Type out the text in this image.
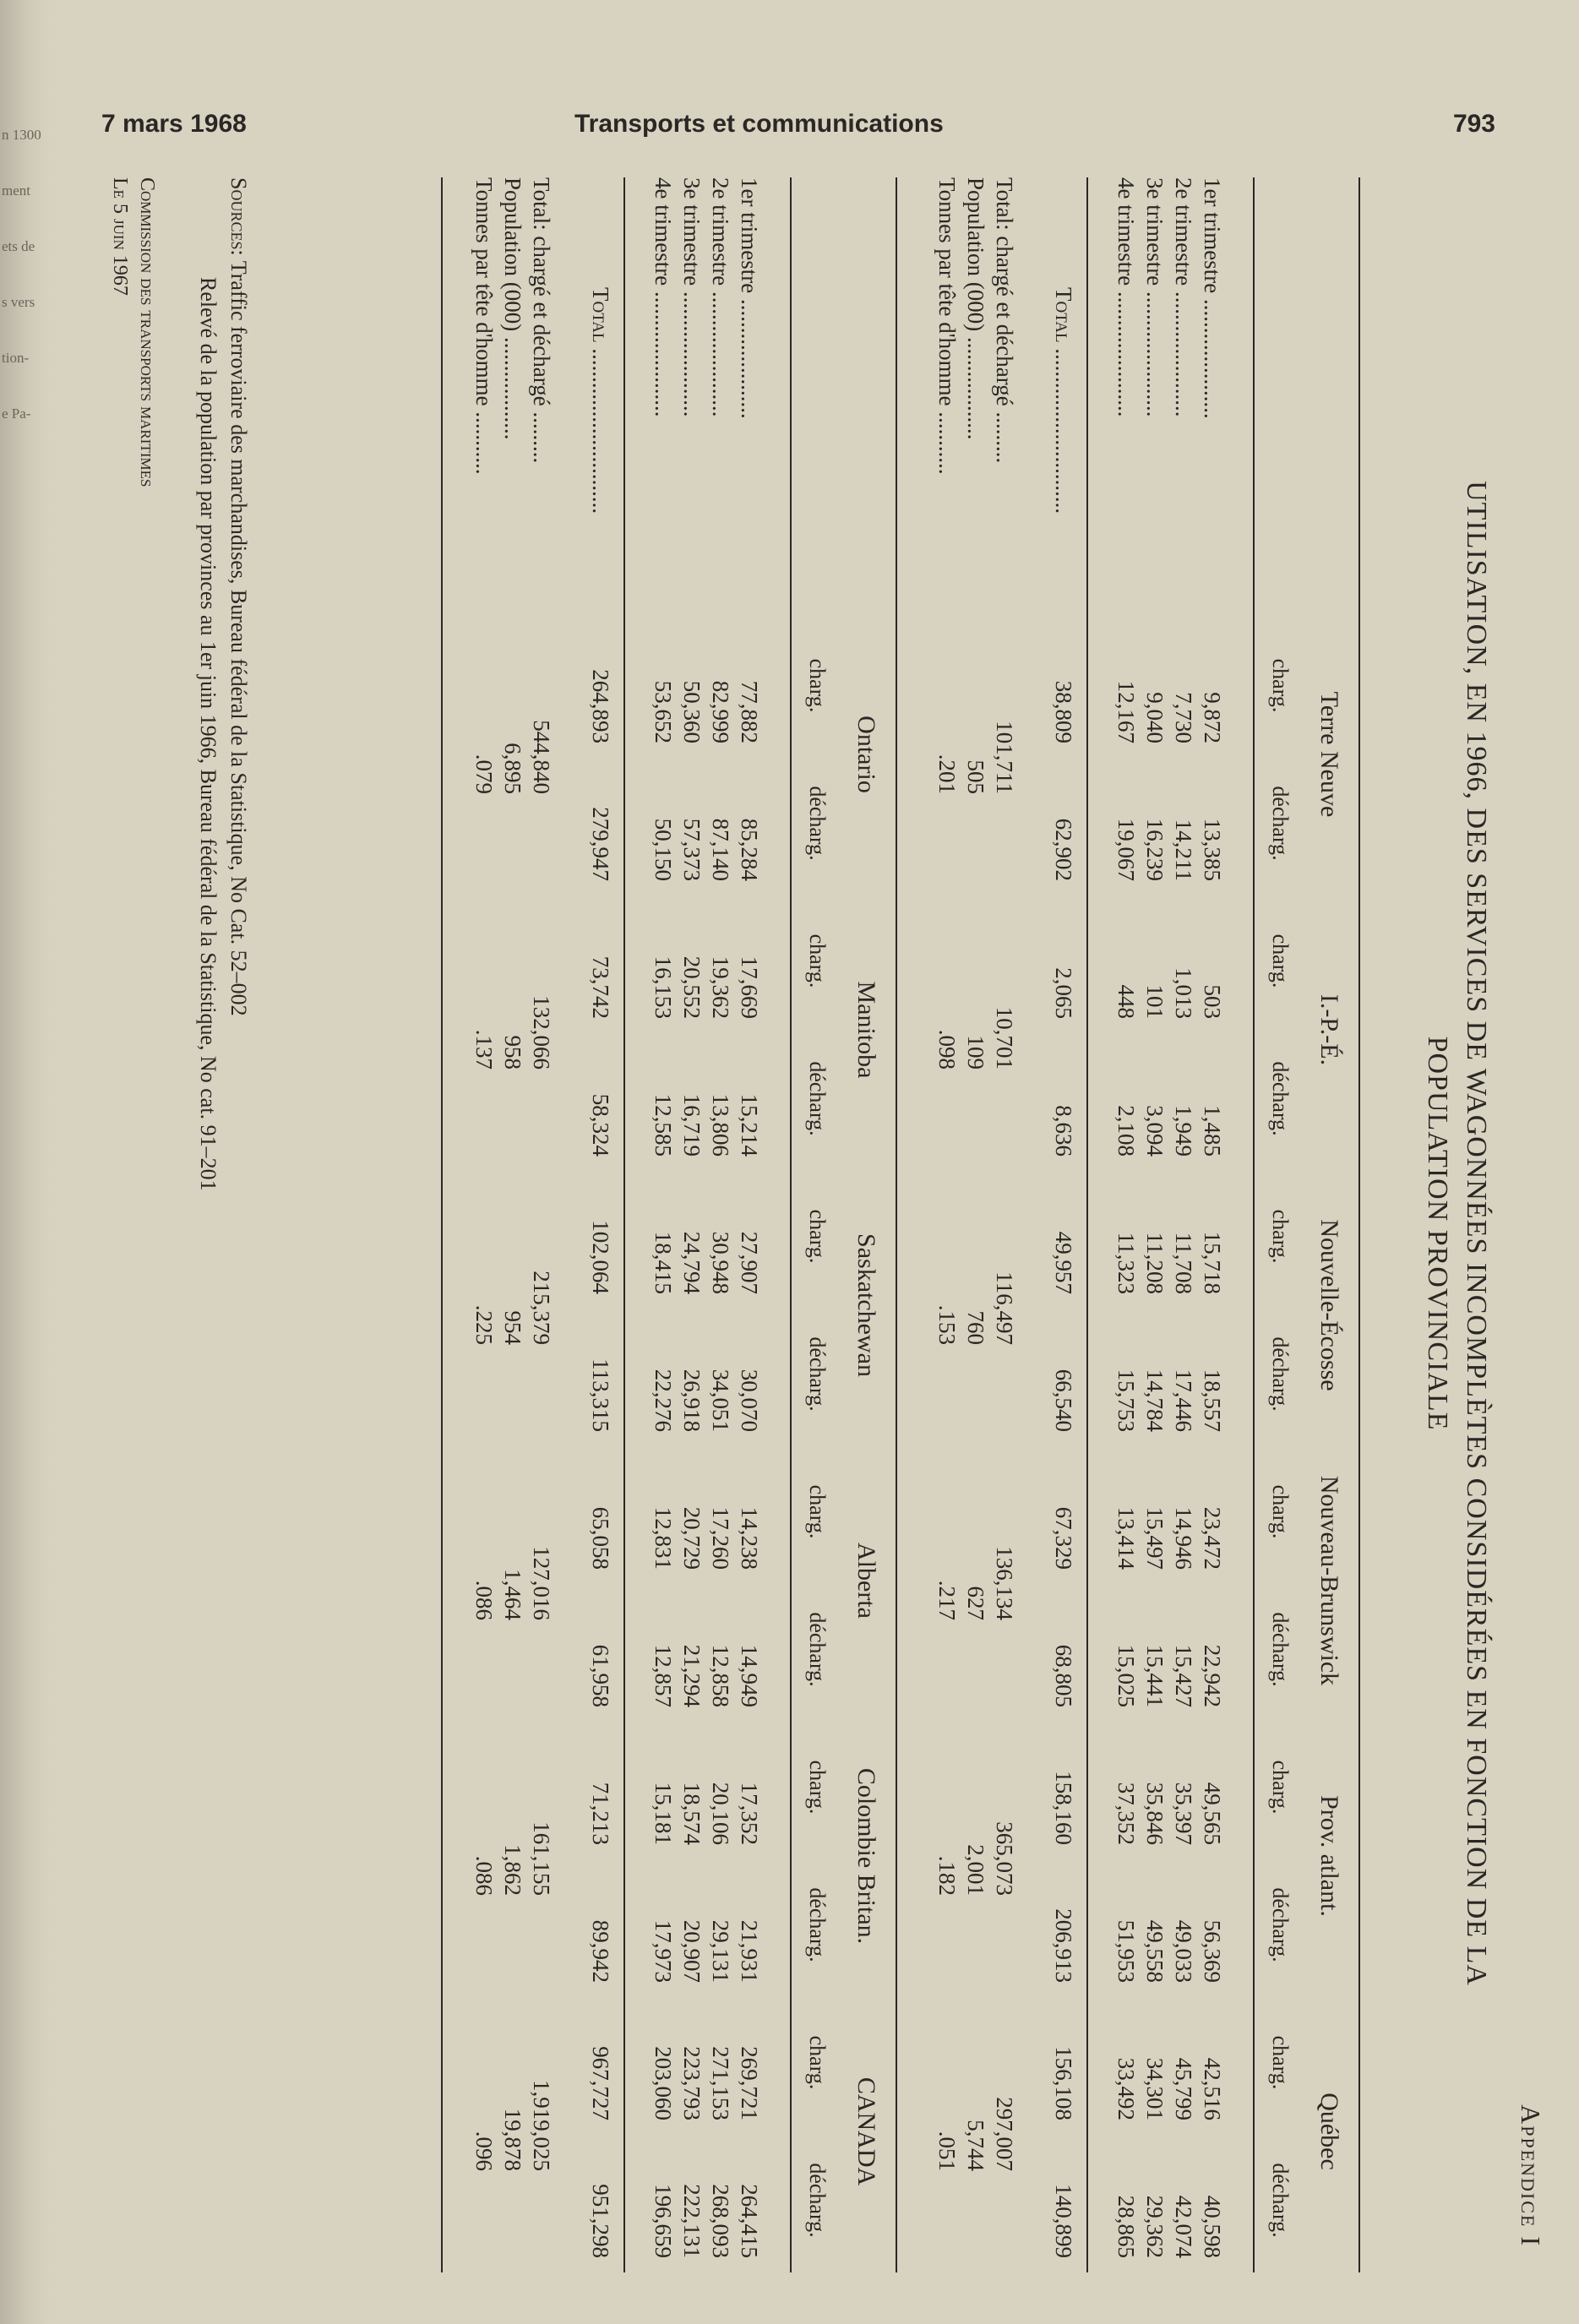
n 1300
ment
ets de
s vers
tion-
e Pa-
7 mars 1968	Transports et communications	793
Appendice I
UTILISATION, EN 1966, DES SERVICES DE WAGONNÉES INCOMPLÈTES CONSIDÉRÉES EN FONCTION DE LA POPULATION PROVINCIALE
Terre Neuve
charg.
décharg.
I.-P.-É.
charg.
décharg.
Nouvelle-Écosse
charg.
décharg.
Nouveau-Brunswick
charg.
décharg.
Prov. atlant.
charg.
décharg.
Québec
charg.
décharg.
1er trimestre .....................
9,872
13,385
503
1,485
15,718
18,557
23,472
22,942
49,565
56,369
42,516
40,598
2e trimestre ......................
7,730
14,211
1,013
1,949
11,708
17,446
14,946
15,427
35,397
49,033
45,799
42,074
3e trimestre ......................
9,040
16,239
101
3,094
11,208
14,784
15,497
15,441
35,846
49,558
34,301
29,362
4e trimestre ......................
12,167
19,067
448
2,108
11,323
15,753
13,414
15,025
37,352
51,953
33,492
28,865
Total .............................
38,809
62,902
2,065
8,636
49,957
66,540
67,329
68,805
158,160
206,913
156,108
140,899
Total: chargé et déchargé .........
Population (000) ..................
Tonnes par tête d'homme ...........
101,711
505
.201
10,701
109
.098
116,497
760
.153
136,134
627
.217
365,073
2,001
.182
297,007
5,744
.051
Ontario
charg.
décharg.
Manitoba
charg.
décharg.
Saskatchewan
charg.
décharg.
Alberta
charg.
décharg.
Colombie Britan.
charg.
décharg.
CANADA
charg.
décharg.
1er trimestre .....................
77,882
85,284
17,669
15,214
27,907
30,070
14,238
14,949
17,352
21,931
269,721
264,415
2e trimestre ......................
82,999
87,140
19,362
13,806
30,948
34,051
17,260
12,858
20,106
29,131
271,153
268,093
3e trimestre ......................
50,360
57,373
20,552
16,719
24,794
26,918
20,729
21,294
18,574
20,907
223,793
222,131
4e trimestre ......................
53,652
50,150
16,153
12,585
18,415
22,276
12,831
12,857
15,181
17,973
203,060
196,659
Total .............................
264,893
279,947
73,742
58,324
102,064
113,315
65,058
61,958
71,213
89,942
967,727
951,298
Total: chargé et déchargé .........
Population (000) ..................
Tonnes par tête d'homme ...........
544,840
6,895
.079
132,066
958
.137
215,379
954
.225
127,016
1,464
.086
161,155
1,862
.086
1,919,025
19,878
.096
Sources: Traffic ferroviaire des marchandises, Bureau fédéral de la Statistique, No Cat. 52–002
Relevé de la population par provinces au 1er juin 1966, Bureau fédéral de la Statistique, No cat. 91–201
Commission des transports maritimes
Le 5 juin 1967
